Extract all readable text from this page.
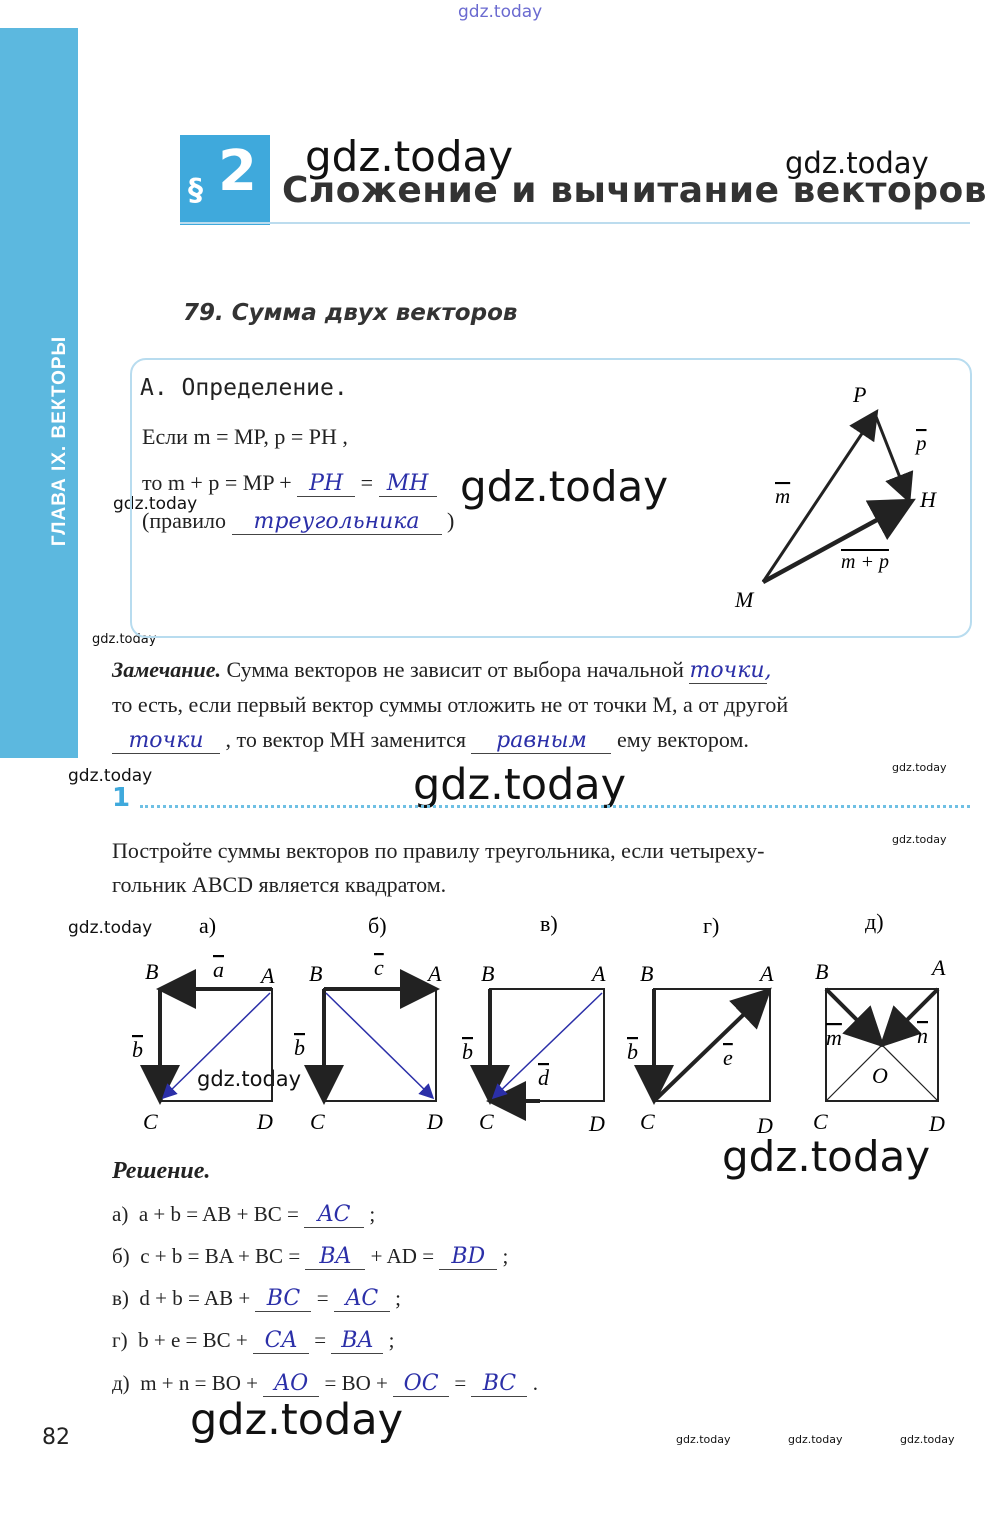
ГЛАВА IX. ВЕКТОРЫ
gdz.today
gdz.today	gdz.today
gdz.today
gdz.today
gdz.today
gdz.today	gdz.today	gdz.today
gdz.today
gdz.today
gdz.today
gdz.today
gdz.today	gdz.today	gdz.today	gdz.today
§ 2 Сложение и вычитание векторов
79. Сумма двух векторов
А. Определение.
Если m = MP, p = PH ,
то m + p = MP + PH = MH
(правило треугольника )
P
H
M
m
p
m + p
Замечание. Сумма векторов не зависит от выбора начальной точки,
то есть, если первый вектор суммы отложить не от точки M, а от другой
точки , то вектор MH заменится равным ему вектором.
1
Постройте суммы векторов по правилу треугольника, если четырехy-
гольник ABCD является квадратом.
а)
B	A
C	D
a
b
б)
B	A
C	D
c
b
в)
B	A
C	D
d
b
г)
B	A
C	D
e
b
д)
B	A
C	D
O
m	n
Решение.
а) a + b = AB + BC = AC ;
б) c + b = BA + BC = BA + AD = BD ;
в) d + b = AB + BC = AC ;
г) b + e = BC + CA = BA ;
д) m + n = BO + AO = BO + OC = BC .
82
